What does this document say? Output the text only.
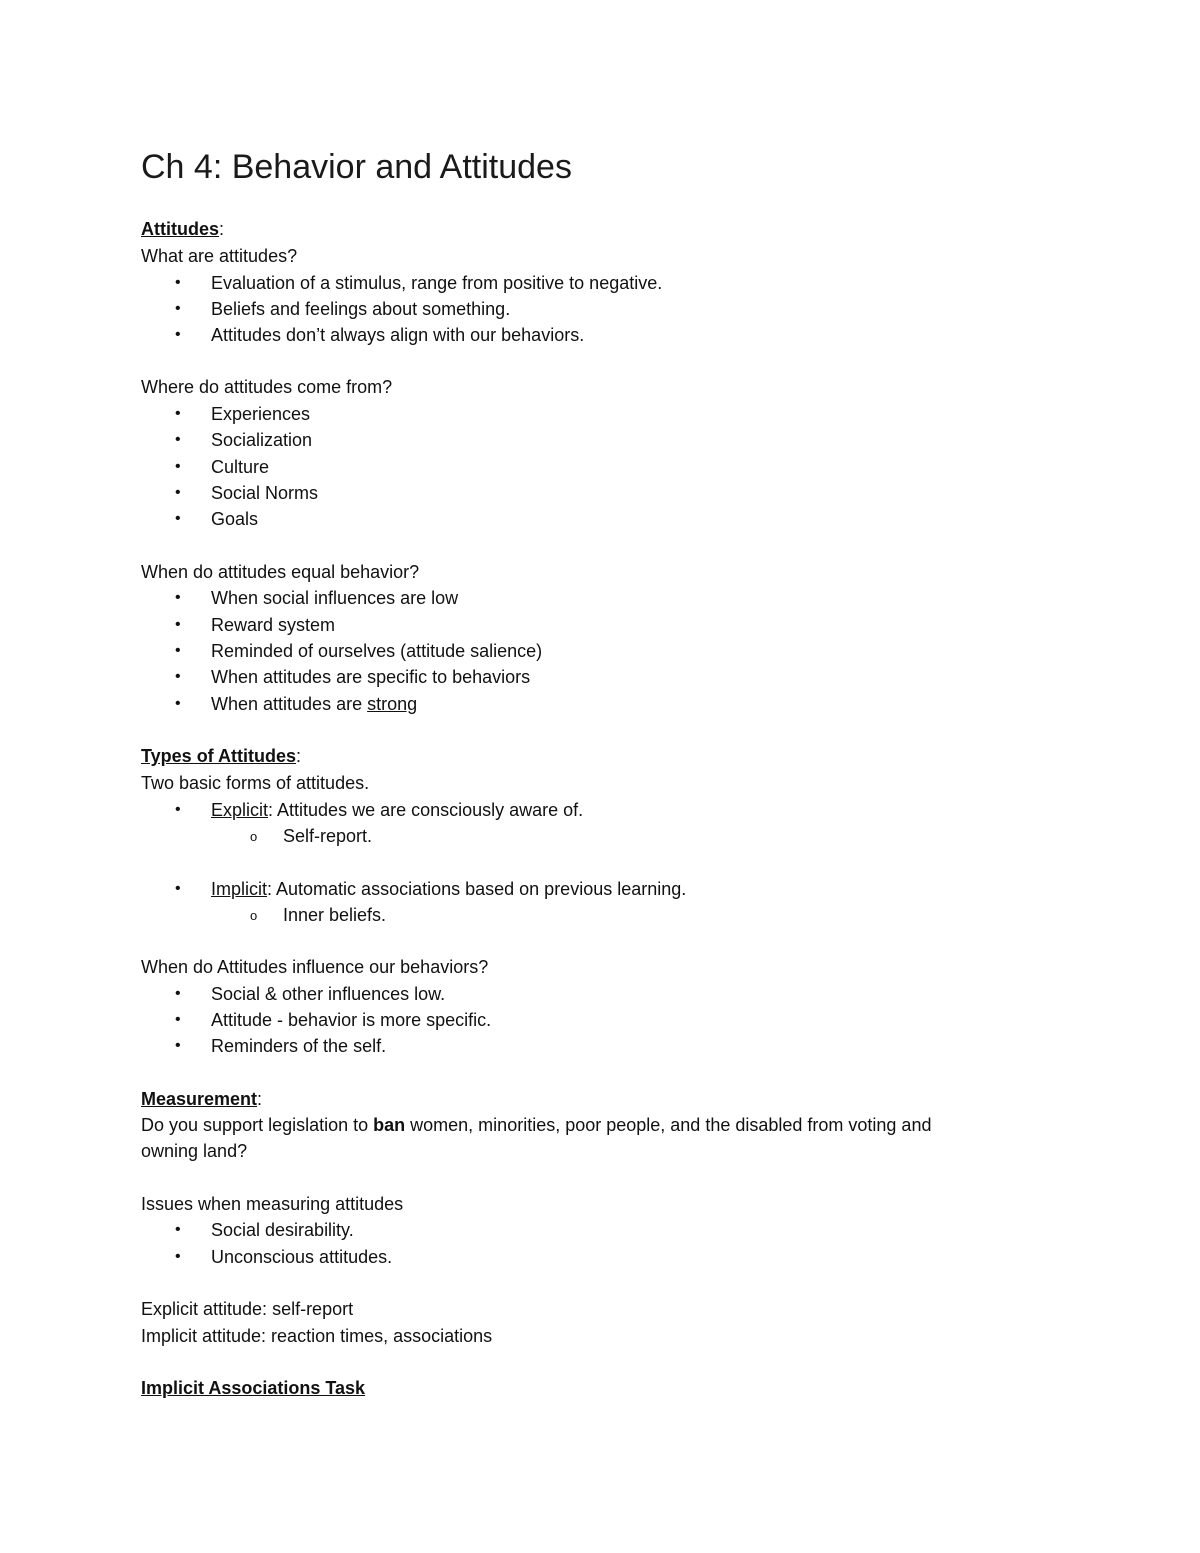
Ch 4: Behavior and Attitudes
Attitudes:
What are attitudes?
• Evaluation of a stimulus, range from positive to negative.
• Beliefs and feelings about something.
• Attitudes don’t always align with our behaviors.
Where do attitudes come from?
• Experiences
• Socialization
• Culture
• Social Norms
• Goals
When do attitudes equal behavior?
• When social influences are low
• Reward system
• Reminded of ourselves (attitude salience)
• When attitudes are specific to behaviors
• When attitudes are strong
Types of Attitudes:
Two basic forms of attitudes.
• Explicit: Attitudes we are consciously aware of.
o Self-report.
• Implicit: Automatic associations based on previous learning.
o Inner beliefs.
When do Attitudes influence our behaviors?
• Social & other influences low.
• Attitude - behavior is more specific.
• Reminders of the self.
Measurement:
Do you support legislation to ban women, minorities, poor people, and the disabled from voting and
owning land?
Issues when measuring attitudes
• Social desirability.
• Unconscious attitudes.
Explicit attitude: self-report
Implicit attitude: reaction times, associations
Implicit Associations Task
